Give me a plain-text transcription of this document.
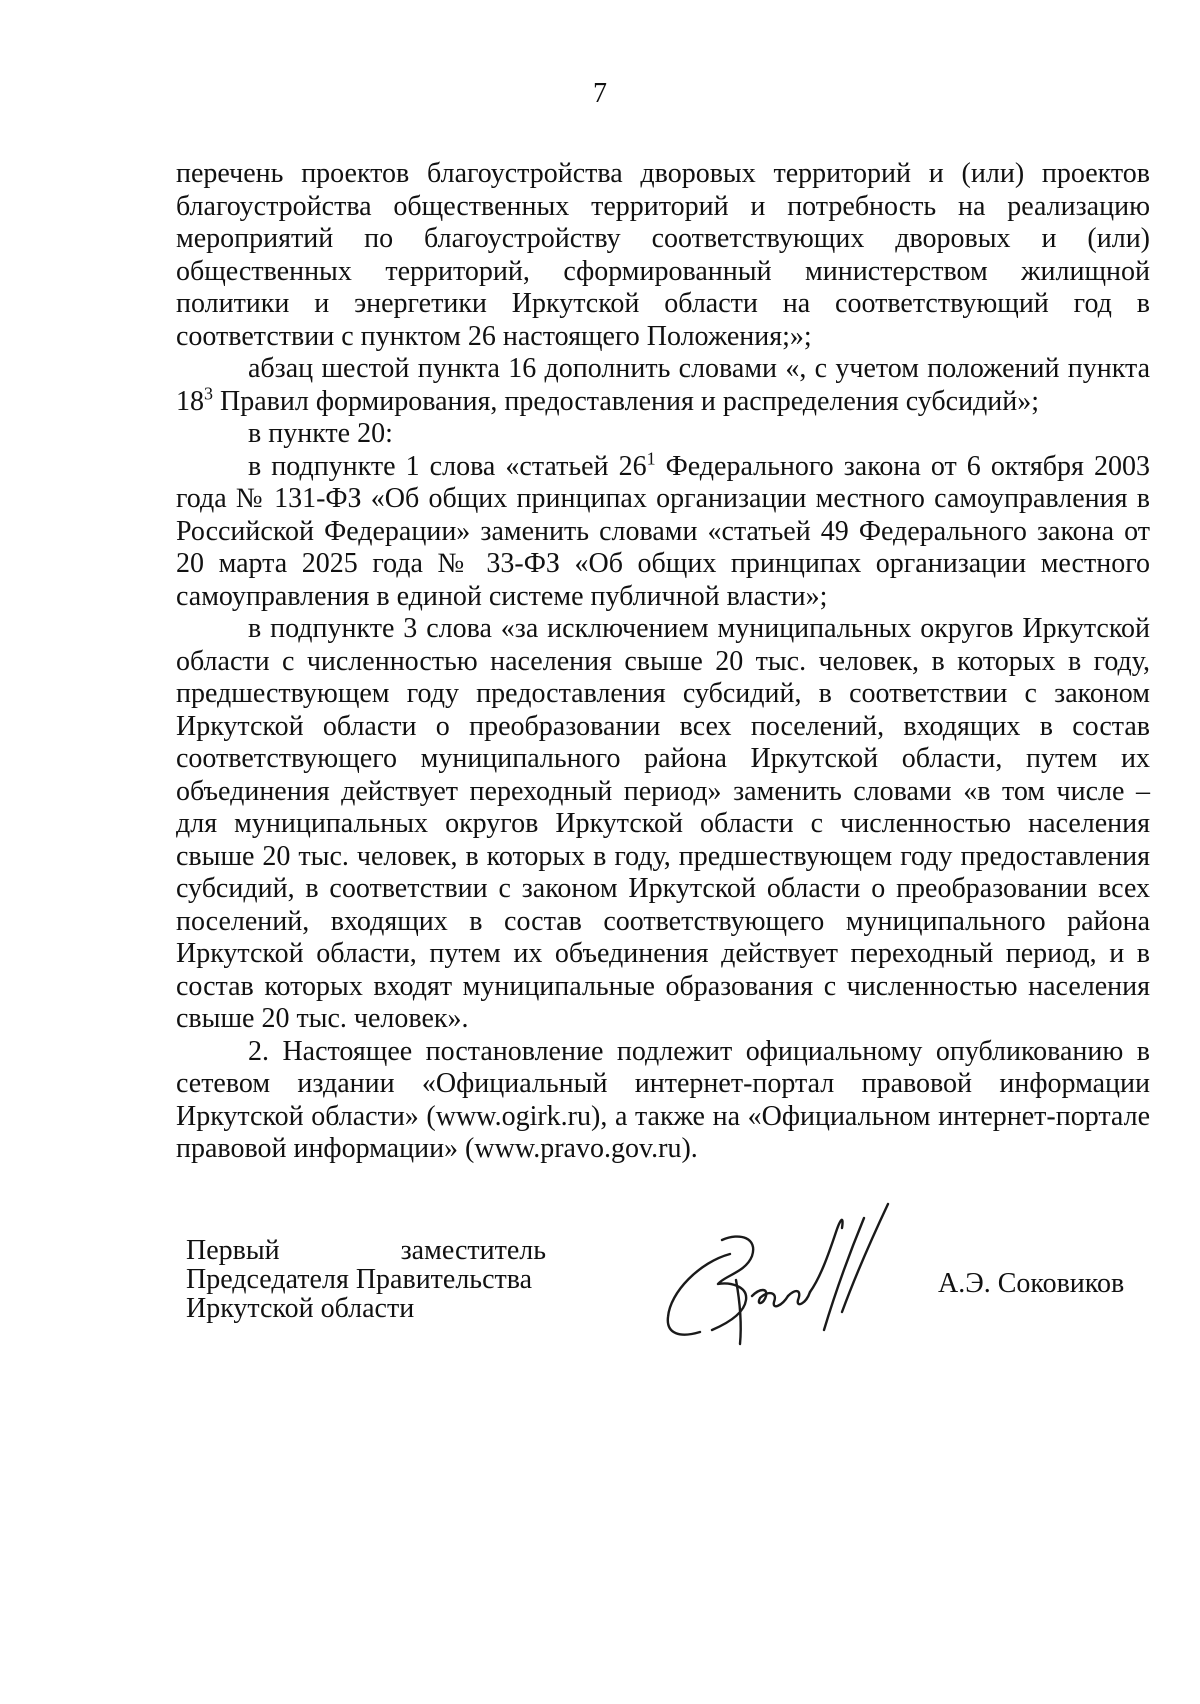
7

перечень проектов благоустройства дворовых территорий и (или) проектов благоустройства общественных территорий и потребность на реализацию мероприятий по благоустройству соответствующих дворовых и (или) общественных территорий, сформированный министерством жилищной политики и энергетики Иркутской области на соответствующий год в соответствии с пунктом 26 настоящего Положения;»;

абзац шестой пункта 16 дополнить словами «, с учетом положений пункта $18^3$ Правил формирования, предоставления и распределения субсидий»;

в пункте 20:

в подпункте 1 слова «статьей $26^1$ Федерального закона от 6 октября 2003 года № 131-ФЗ «Об общих принципах организации местного самоуправления в Российской Федерации» заменить словами «статьей 49 Федерального закона от 20 марта 2025 года № 33-ФЗ «Об общих принципах организации местного самоуправления в единой системе публичной власти»;

в подпункте 3 слова «за исключением муниципальных округов Иркутской области с численностью населения свыше 20 тыс. человек, в которых в году, предшествующем году предоставления субсидий, в соответствии с законом Иркутской области о преобразовании всех поселений, входящих в состав соответствующего муниципального района Иркутской области, путем их объединения действует переходный период» заменить словами «в том числе – для муниципальных округов Иркутской области с численностью населения свыше 20 тыс. человек, в которых в году, предшествующем году предоставления субсидий, в соответствии с законом Иркутской области о преобразовании всех поселений, входящих в состав соответствующего муниципального района Иркутской области, путем их объединения действует переходный период, и в состав которых входят муниципальные образования с численностью населения свыше 20 тыс. человек».

2. Настоящее постановление подлежит официальному опубликованию в сетевом издании «Официальный интернет-портал правовой информации Иркутской области» (www.ogirk.ru), а также на «Официальном интернет-портале правовой информации» (www.pravo.gov.ru).

Первый	заместитель
Председателя Правительства
Иркутской области
А.Э. Соковиков
